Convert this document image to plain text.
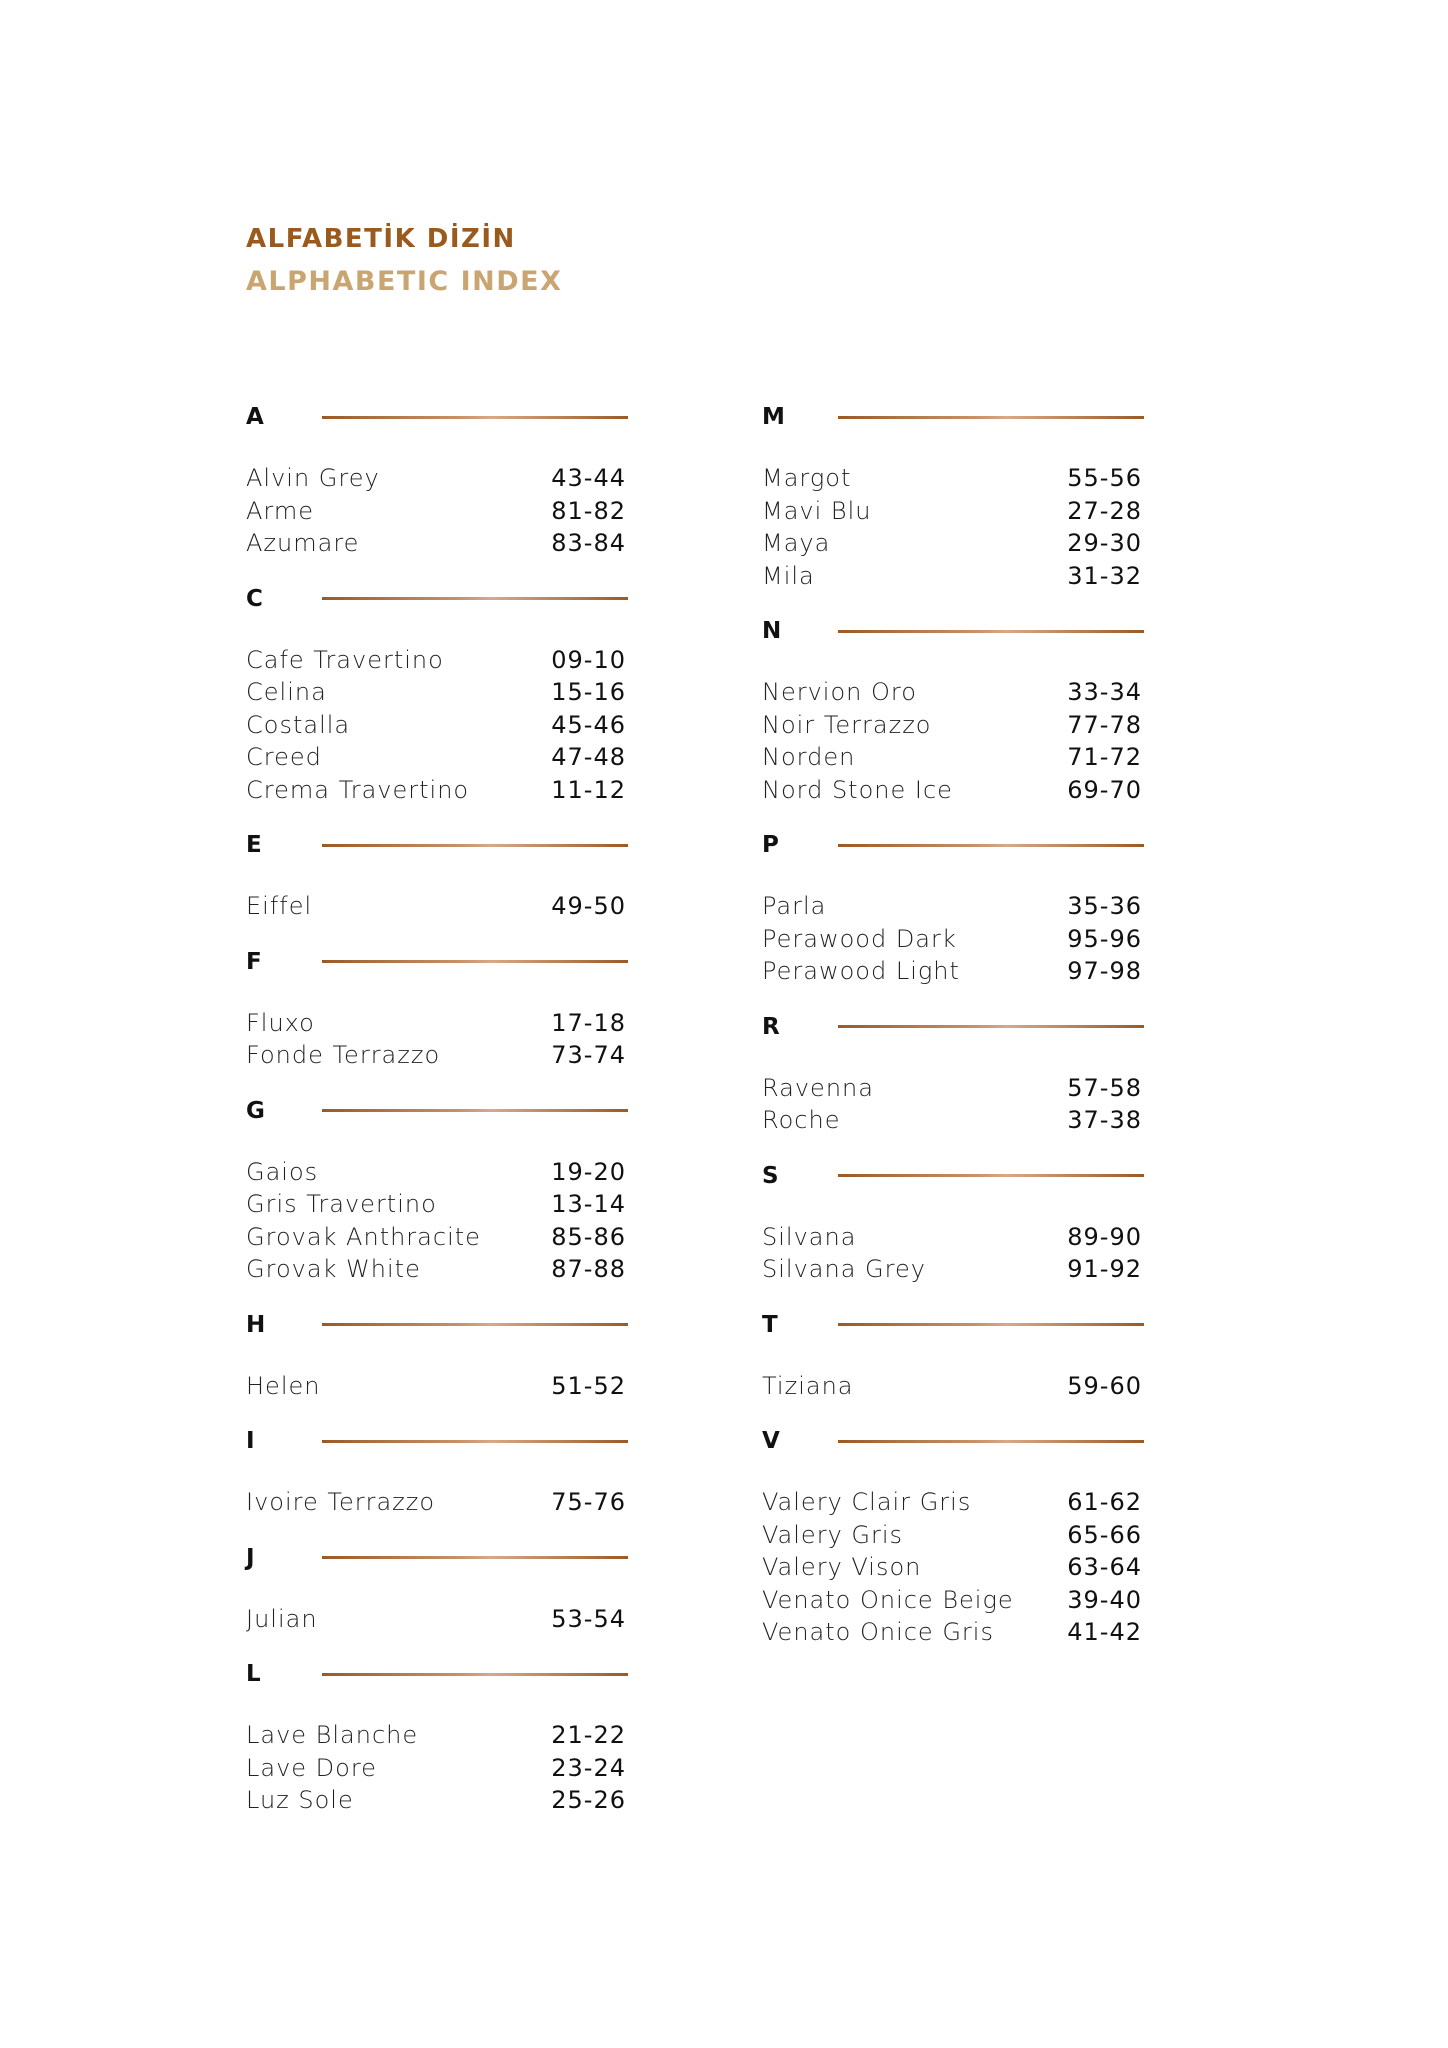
ALFABETİK DİZİN
ALPHABETIC INDEX
A
Alvin Grey	43-44
Arme	81-82
Azumare	83-84
C
Cafe Travertino	09-10
Celina	15-16
Costalla	45-46
Creed	47-48
Crema Travertino	11-12
E
Eiffel	49-50
F
Fluxo	17-18
Fonde Terrazzo	73-74
G
Gaios	19-20
Gris Travertino	13-14
Grovak Anthracite	85-86
Grovak White	87-88
H
Helen	51-52
I
Ivoire Terrazzo	75-76
J
Julian	53-54
L
Lave Blanche	21-22
Lave Dore	23-24
Luz Sole	25-26
M
Margot	55-56
Mavi Blu	27-28
Maya	29-30
Mila	31-32
N
Nervion Oro	33-34
Noir Terrazzo	77-78
Norden	71-72
Nord Stone Ice	69-70
P
Parla	35-36
Perawood Dark	95-96
Perawood Light	97-98
R
Ravenna	57-58
Roche	37-38
S
Silvana	89-90
Silvana Grey	91-92
T
Tiziana	59-60
V
Valery Clair Gris	61-62
Valery Gris	65-66
Valery Vison	63-64
Venato Onice Beige 39-40
Venato Onice Gris	41-42
